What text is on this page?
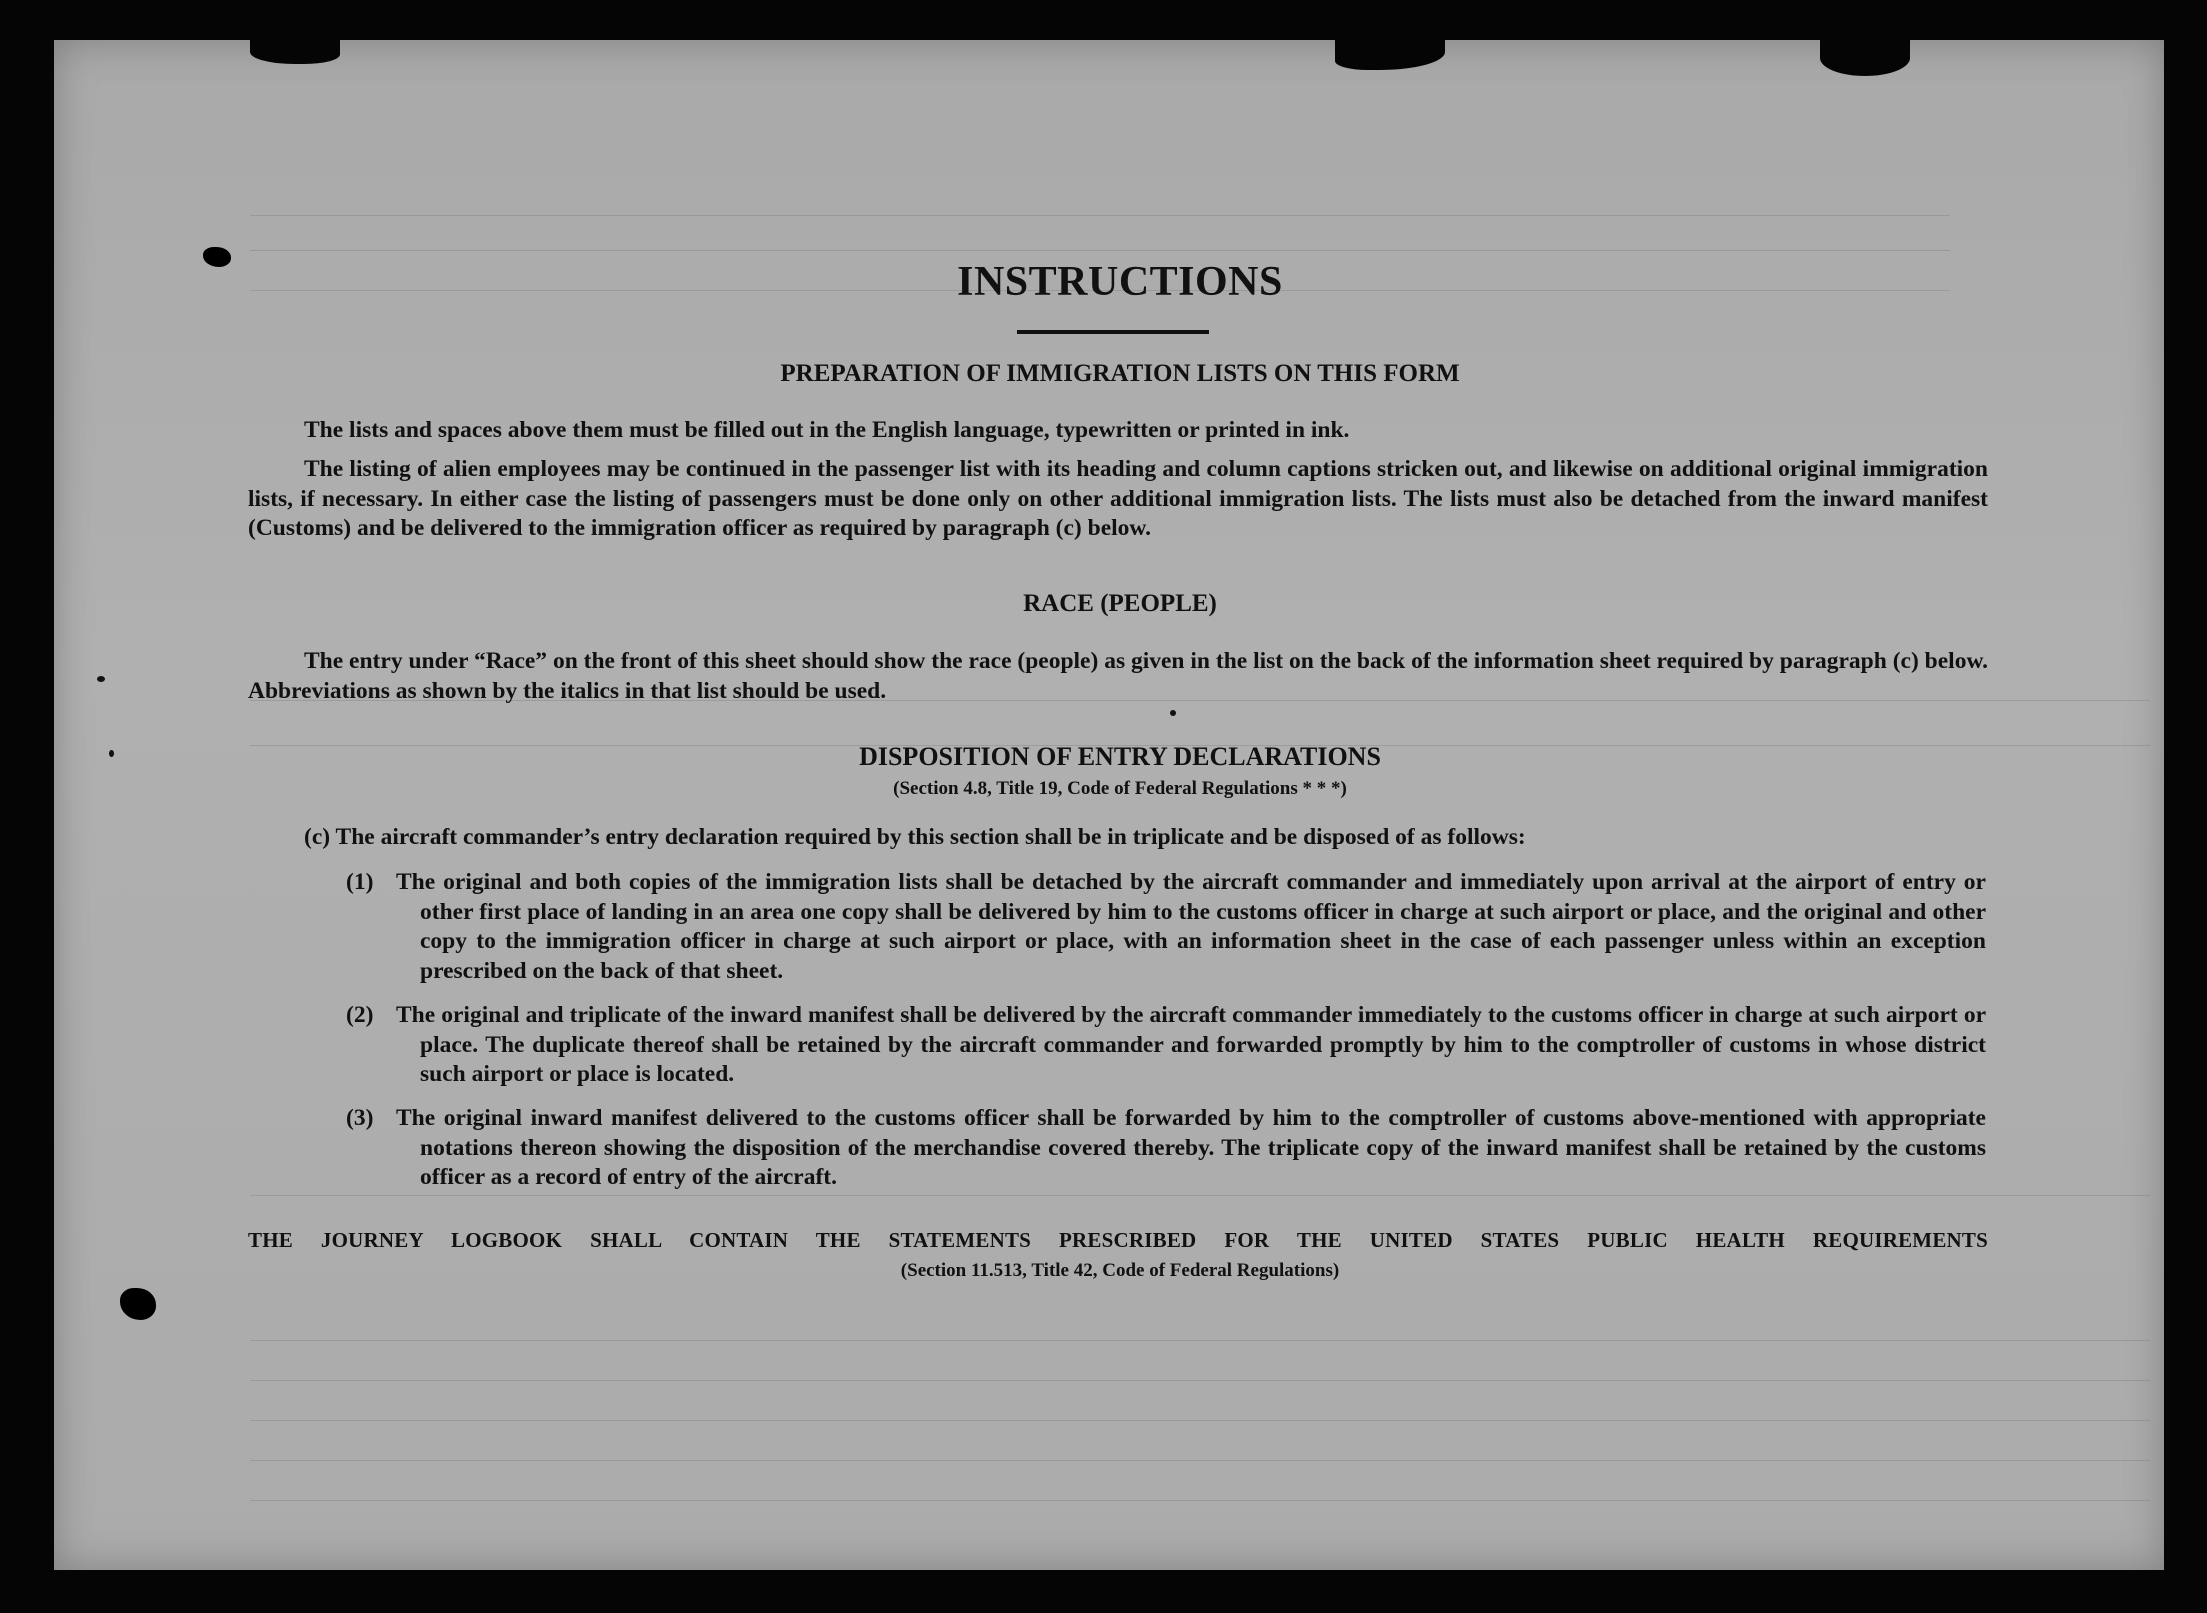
INSTRUCTIONS
PREPARATION OF IMMIGRATION LISTS ON THIS FORM
The lists and spaces above them must be filled out in the English language, typewritten or printed in ink.
The listing of alien employees may be continued in the passenger list with its heading and column captions stricken out, and likewise on additional original immigration lists, if necessary. In either case the listing of passengers must be done only on other additional immigration lists. The lists must also be detached from the inward manifest (Customs) and be delivered to the immigration officer as required by paragraph (c) below.
RACE (PEOPLE)
The entry under “Race” on the front of this sheet should show the race (people) as given in the list on the back of the information sheet required by paragraph (c) below. Abbreviations as shown by the italics in that list should be used.
DISPOSITION OF ENTRY DECLARATIONS
(Section 4.8, Title 19, Code of Federal Regulations * * *)
(c) The aircraft commander’s entry declaration required by this section shall be in triplicate and be disposed of as follows:
(1) The original and both copies of the immigration lists shall be detached by the aircraft commander and immediately upon arrival at the airport of entry or other first place of landing in an area one copy shall be delivered by him to the customs officer in charge at such airport or place, and the original and other copy to the immigration officer in charge at such airport or place, with an information sheet in the case of each passenger unless within an exception prescribed on the back of that sheet.
(2) The original and triplicate of the inward manifest shall be delivered by the aircraft commander immediately to the customs officer in charge at such airport or place. The duplicate thereof shall be retained by the aircraft commander and forwarded promptly by him to the comptroller of customs in whose district such airport or place is located.
(3) The original inward manifest delivered to the customs officer shall be forwarded by him to the comptroller of customs above-mentioned with appropriate notations thereon showing the disposition of the merchandise covered thereby. The triplicate copy of the inward manifest shall be retained by the customs officer as a record of entry of the aircraft.
THE JOURNEY LOGBOOK SHALL CONTAIN THE STATEMENTS PRESCRIBED FOR THE UNITED STATES PUBLIC HEALTH REQUIREMENTS
(Section 11.513, Title 42, Code of Federal Regulations)
